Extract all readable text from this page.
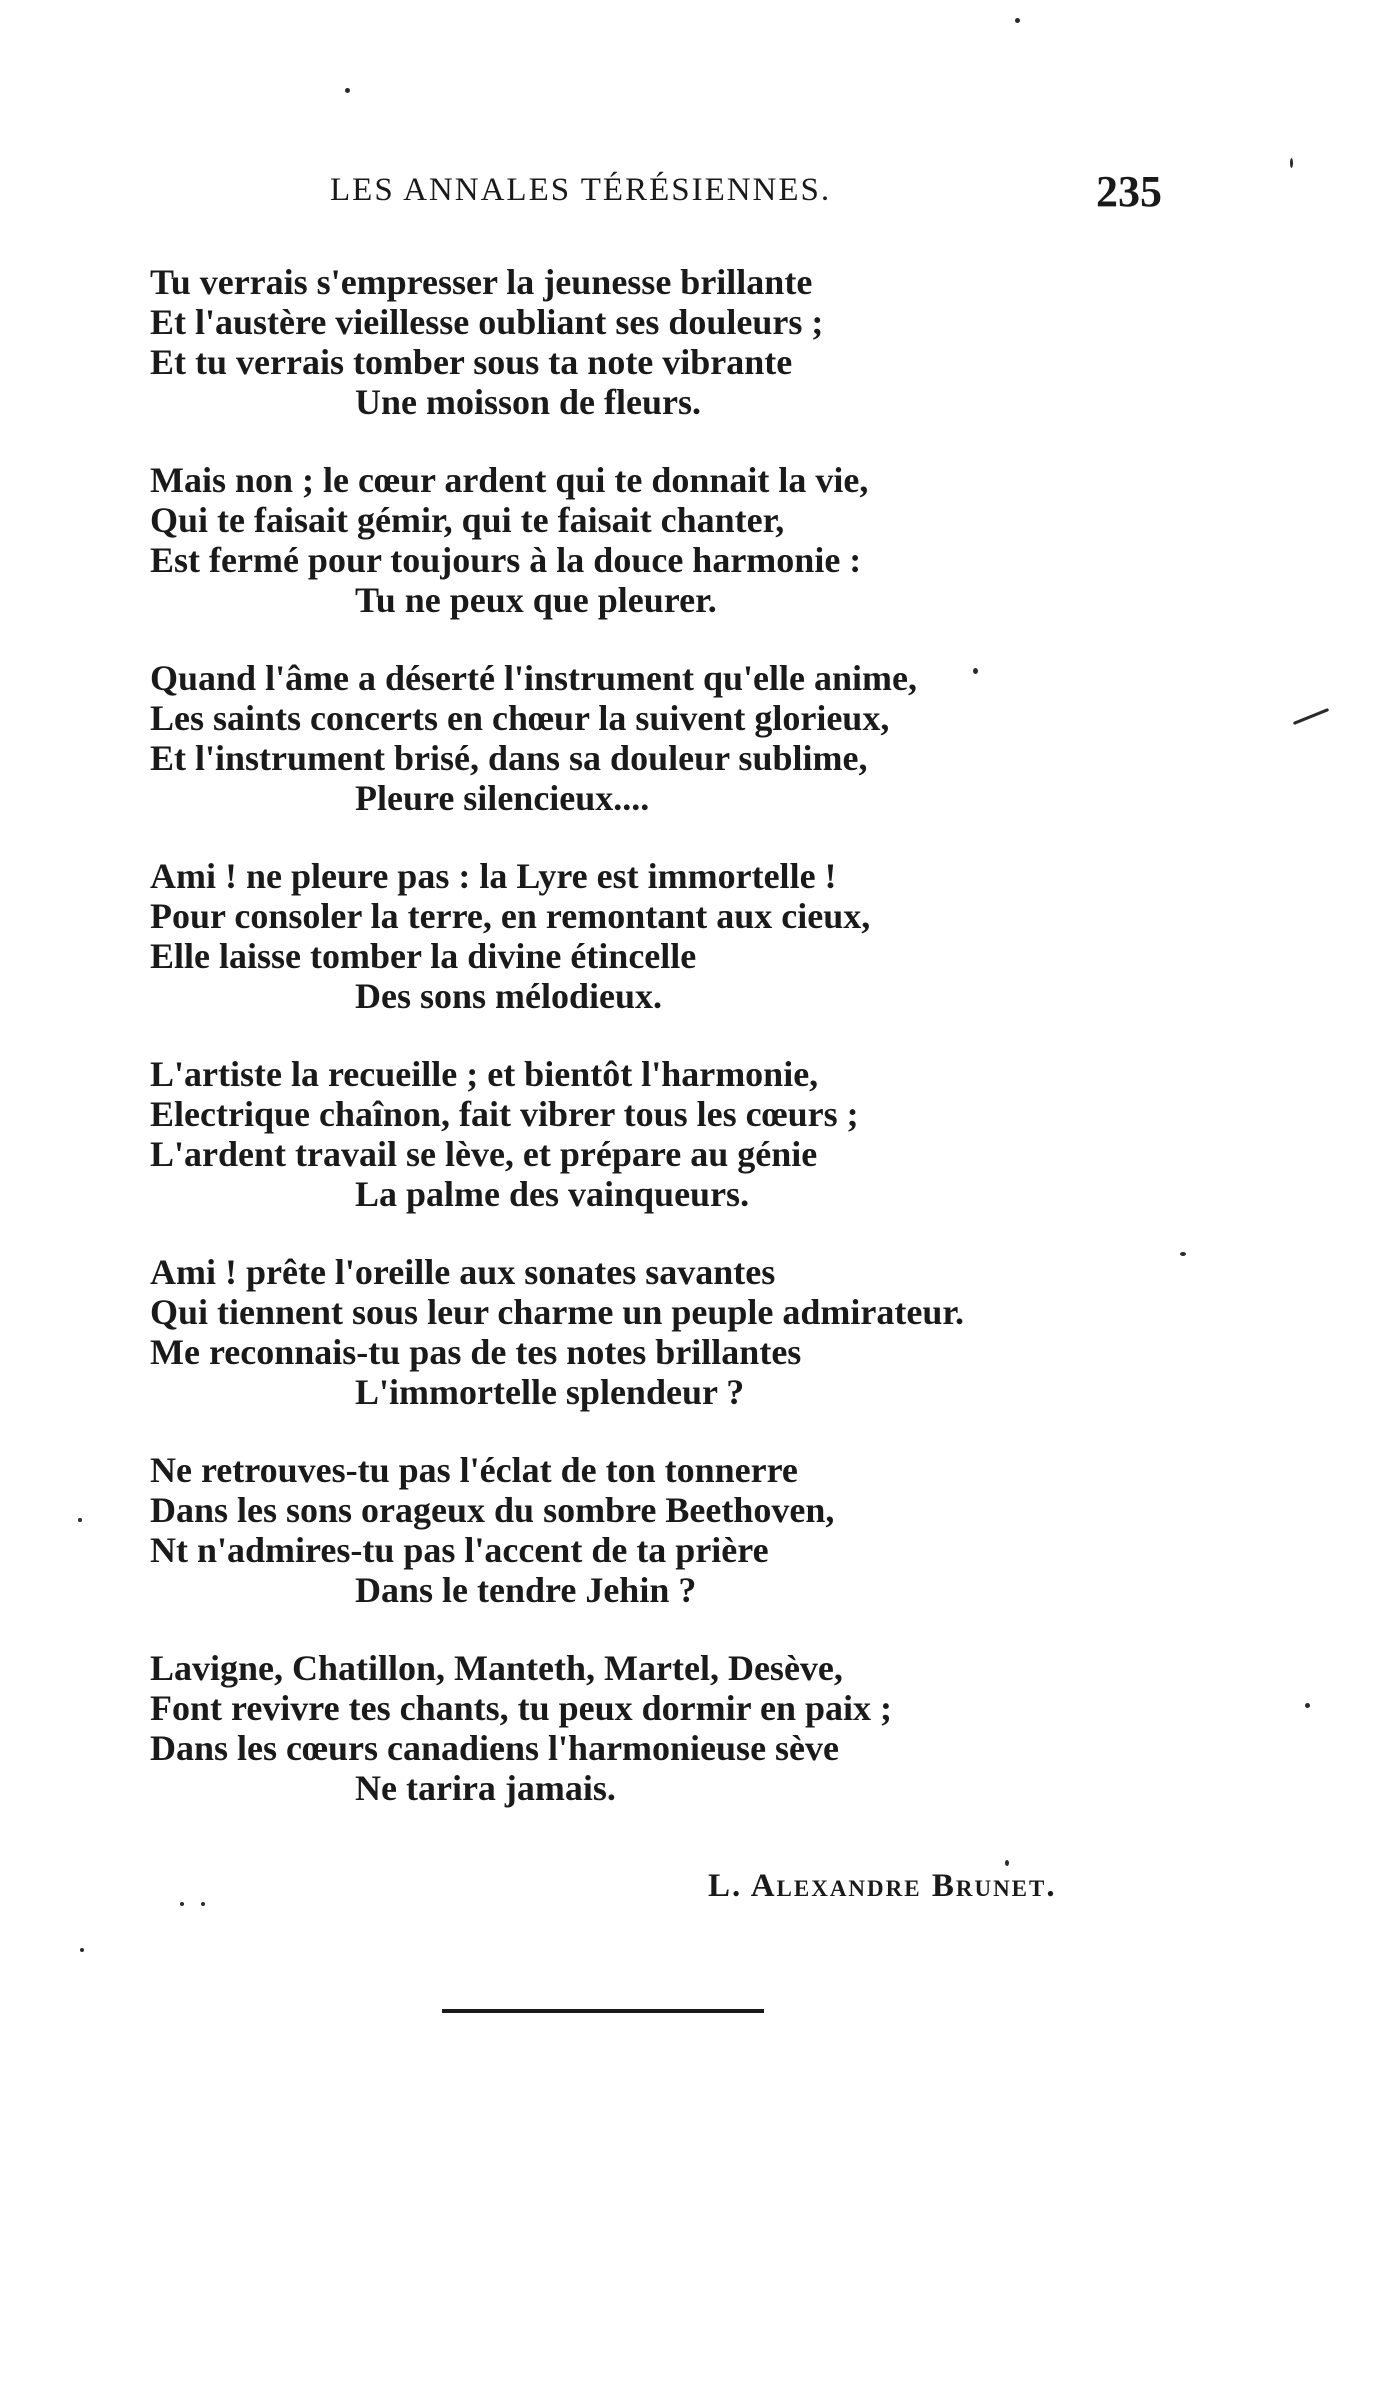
LES ANNALES TÉRÉSIENNES.	235
Tu verrais s'empresser la jeunesse brillante
Et l'austère vieillesse oubliant ses douleurs ;
Et tu verrais tomber sous ta note vibrante
Une moisson de fleurs.
Mais non ; le cœur ardent qui te donnait la vie,
Qui te faisait gémir, qui te faisait chanter,
Est fermé pour toujours à la douce harmonie :
Tu ne peux que pleurer.
Quand l'âme a déserté l'instrument qu'elle anime,
Les saints concerts en chœur la suivent glorieux,
Et l'instrument brisé, dans sa douleur sublime,
Pleure silencieux....
Ami ! ne pleure pas : la Lyre est immortelle !
Pour consoler la terre, en remontant aux cieux,
Elle laisse tomber la divine étincelle
Des sons mélodieux.
L'artiste la recueille ; et bientôt l'harmonie,
Electrique chaînon, fait vibrer tous les cœurs ;
L'ardent travail se lève, et prépare au génie
La palme des vainqueurs.
Ami ! prête l'oreille aux sonates savantes
Qui tiennent sous leur charme un peuple admirateur.
Me reconnais-tu pas de tes notes brillantes
L'immortelle splendeur ?
Ne retrouves-tu pas l'éclat de ton tonnerre
Dans les sons orageux du sombre Beethoven,
Nt n'admires-tu pas l'accent de ta prière
Dans le tendre Jehin ?
Lavigne, Chatillon, Manteth, Martel, Desève,
Font revivre tes chants, tu peux dormir en paix ;
Dans les cœurs canadiens l'harmonieuse sève
Ne tarira jamais.
L. Alexandre Brunet.
